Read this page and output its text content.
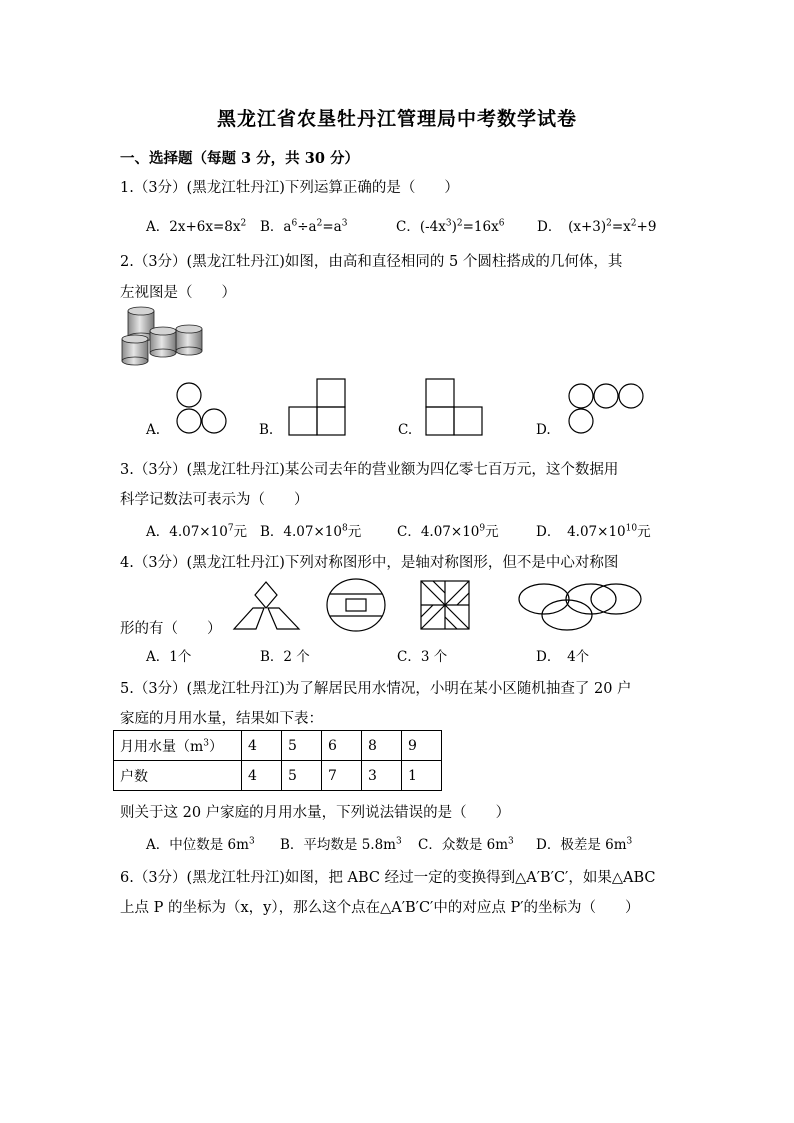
黑龙江省农垦牡丹江管理局中考数学试卷
一、选择题（每题 3 分，共 30 分）
1.（3分）(黑龙江牡丹江)下列运算正确的是（　　）
A．$2x+6x=8x^2$ B．$a^6\div a^2=a^3$	C．$(-4x^3)^2=16x^6$ D．　$(x+3)^2=x^2+9$
2.（3分）(黑龙江牡丹江)如图，由高和直径相同的 5 个圆柱搭成的几何体，其
左视图是（　　）
A.	B.	C.	D.
3.（3分）(黑龙江牡丹江)某公司去年的营业额为四亿零七百万元，这个数据用
科学记数法可表示为（　　）
A．$4.07\times 10^7$元 B．$4.07\times 10^8$元	C．$4.07\times 10^9$元	D．　$4.07\times 10^{10}$元
4.（3分）(黑龙江牡丹江)下列对称图形中，是轴对称图形，但不是中心对称图
形的有（　　）
A．1个	B．2 个	C．3 个	D．　4个
5.（3分）(黑龙江牡丹江)为了解居民用水情况，小明在某小区随机抽查了 20 户
家庭的月用水量，结果如下表：
月用水量$(m^3)$	4	5	6	8	9
户数	4	5	7	3	1
则关于这 20 户家庭的月用水量，下列说法错误的是（　　）
A．中位数是 $6m^3$ B．平均数是 $5.8m^3$ C．众数是 $6m^3$ D．极差是 $6m^3$
6.（3分）(黑龙江牡丹江)如图，把 ABC 经过一定的变换得到△A′B′C′，如果△ABC
上点 P 的坐标为（x，y），那么这个点在△A′B′C′中的对应点 P′的坐标为（　　）
